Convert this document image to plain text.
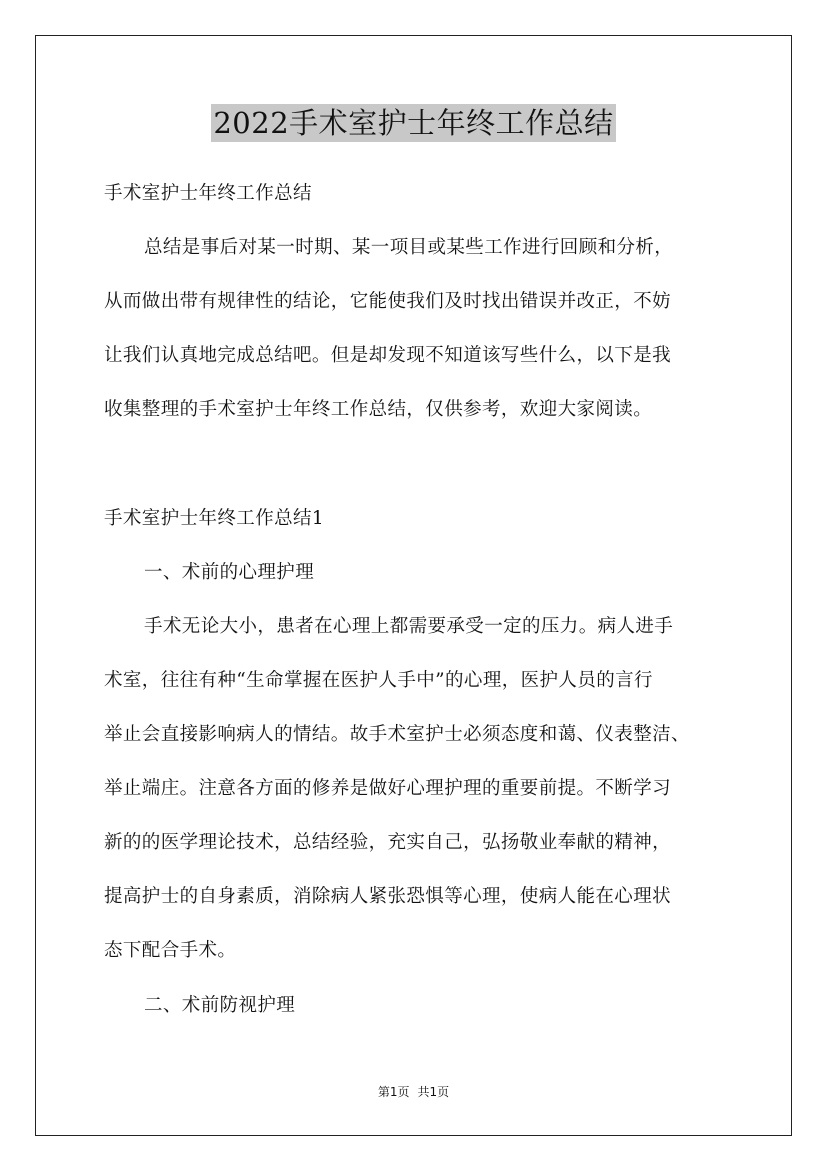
2022手术室护士年终工作总结
手术室护士年终工作总结
总结是事后对某一时期、某一项目或某些工作进行回顾和分析，
从而做出带有规律性的结论，它能使我们及时找出错误并改正，不妨
让我们认真地完成总结吧。但是却发现不知道该写些什么，以下是我
收集整理的手术室护士年终工作总结，仅供参考，欢迎大家阅读。
手术室护士年终工作总结1
一、术前的心理护理
手术无论大小，患者在心理上都需要承受一定的压力。病人进手
术室，往往有种“生命掌握在医护人手中”的心理，医护人员的言行
举止会直接影响病人的情结。故手术室护士必须态度和蔼、仪表整洁、
举止端庄。注意各方面的修养是做好心理护理的重要前提。不断学习
新的的医学理论技术，总结经验，充实自己，弘扬敬业奉献的精神，
提高护士的自身素质，消除病人紧张恐惧等心理，使病人能在心理状
态下配合手术。
二、术前防视护理
第1页 共1页
